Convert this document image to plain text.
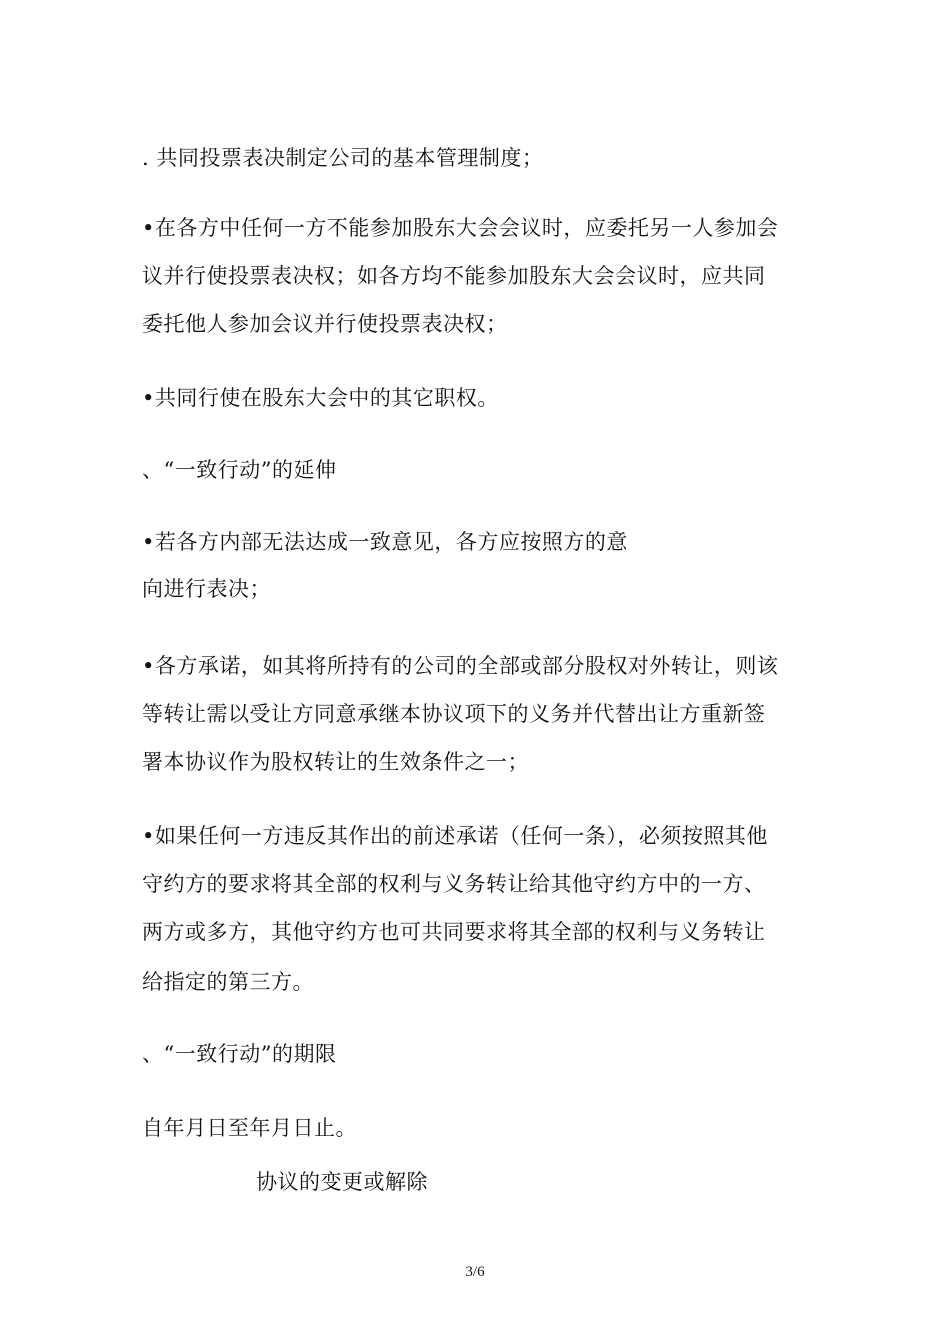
. 共同投票表决制定公司的基本管理制度；
•在各方中任何一方不能参加股东大会会议时，应委托另一人参加会
议并行使投票表决权；如各方均不能参加股东大会会议时，应共同
委托他人参加会议并行使投票表决权；
•共同行使在股东大会中的其它职权。
、“一致行动”的延伸
•若各方内部无法达成一致意见，各方应按照方的意
向进行表决；
•各方承诺，如其将所持有的公司的全部或部分股权对外转让，则该
等转让需以受让方同意承继本协议项下的义务并代替出让方重新签
署本协议作为股权转让的生效条件之一；
•如果任何一方违反其作出的前述承诺（任何一条），必须按照其他
守约方的要求将其全部的权利与义务转让给其他守约方中的一方、
两方或多方，其他守约方也可共同要求将其全部的权利与义务转让
给指定的第三方。
、“一致行动”的期限
自年月日至年月日止。
协议的变更或解除
3/6
